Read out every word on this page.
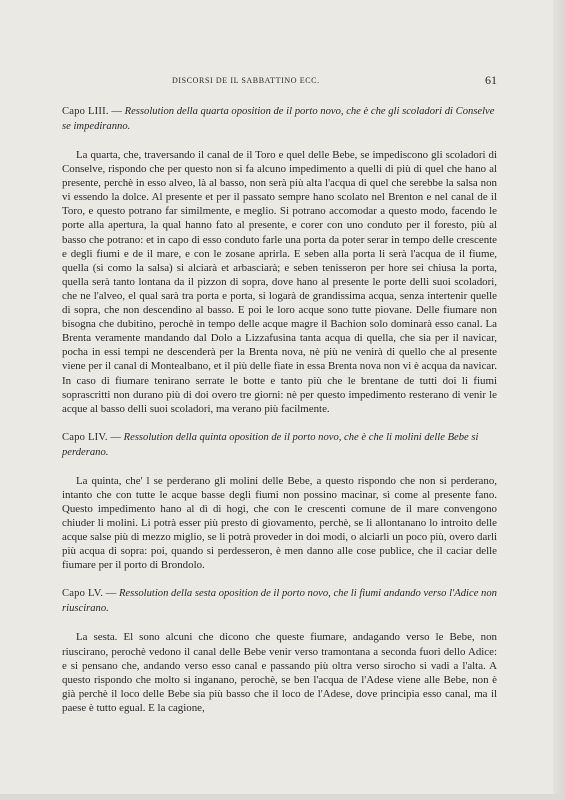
DISCORSI DE IL SABBATTINO ECC.	61

Capo LIII. — Ressolution della quarta oposition de il porto novo, che è che gli scoladori di Conselve se impediranno.

La quarta, che, traversando il canal de il Toro e quel delle Bebe, se impediscono gli scoladori di Conselve, rispondo che per questo non si fa alcuno impedimento a quelli di più di quel che hano al presente, perchè in esso alveo, là al basso, non serà più alta l'acqua di quel che serebbe la salsa non vi essendo la dolce. Al presente et per il passato sempre hano scolato nel Brenton e nel canal de il Toro, e questo potrano far similmente, e meglio. Si potrano accomodar a questo modo, facendo le porte alla apertura, la qual hanno fato al presente, e corer con uno conduto per il foresto, più al basso che potrano: et in capo di esso conduto farle una porta da poter serar in tempo delle crescente e degli fiumi e de il mare, e con le zosane aprirla. E seben alla porta li serà l'acqua de il fiume, quella (sì como la salsa) si alciarà et arbasciarà; e seben tenisseron per hore sei chiusa la porta, quella serà tanto lontana da il pizzon di sopra, dove hano al presente le porte delli suoi scoladori, che ne l'alveo, el qual sarà tra porta e porta, si logarà de grandissima acqua, senza intertenir quelle di sopra, che non descendino al basso. E poi le loro acque sono tutte piovane. Delle fiumare non bisogna che dubitino, perochè in tempo delle acque magre il Bachion solo dominarà esso canal. La Brenta veramente mandando dal Dolo a Lizzafusina tanta acqua di quella, che sia per il navicar, pocha in essi tempi ne descenderà per la Brenta nova, nè più ne venirà di quello che al presente viene per il canal di Montealbano, et il più delle fiate in essa Brenta nova non vi è acqua da navicar. In caso di fiumare tenirano serrate le botte e tanto più che le brentane de tutti doi li fiumi soprascritti non durano più di doi overo tre giorni: nè per questo impedimento resterano di venir le acque al basso delli suoi scoladori, ma verano più facilmente.

Capo LIV. — Ressolution della quinta oposition de il porto novo, che è che li molini delle Bebe si perderano.

La quinta, che' l se perderano gli molini delle Bebe, a questo rispondo che non si perderano, intanto che con tutte le acque basse degli fiumi non possino macinar, sì come al presente fano. Questo impedimento hano al dì di hogi, che con le crescenti comune de il mare convengono chiuder li molini. Li potrà esser più presto di giovamento, perchè, se li allontanano lo introito delle acque salse più di mezzo miglio, se li potrà proveder in doi modi, o alciarli un poco più, overo darli più acqua di sopra: poi, quando si perdesseron, è men danno alle cose publice, che il caciar delle fiumare per il porto di Brondolo.

Capo LV. — Ressolution della sesta oposition de il porto novo, che li fiumi andando verso l'Adice non riuscirano.

La sesta. El sono alcuni che dicono che queste fiumare, andagando verso le Bebe, non riuscirano, perochè vedono il canal delle Bebe venir verso tramontana a seconda fuori dello Adice: e si pensano che, andando verso esso canal e passando più oltra verso sirocho si vadi a l'alta. A questo rispondo che molto si inganano, perochè, se ben l'acqua de l'Adese viene alle Bebe, non è già perchè il loco delle Bebe sia più basso che il loco de l'Adese, dove principia esso canal, ma il paese è tutto egual. E la cagione,
